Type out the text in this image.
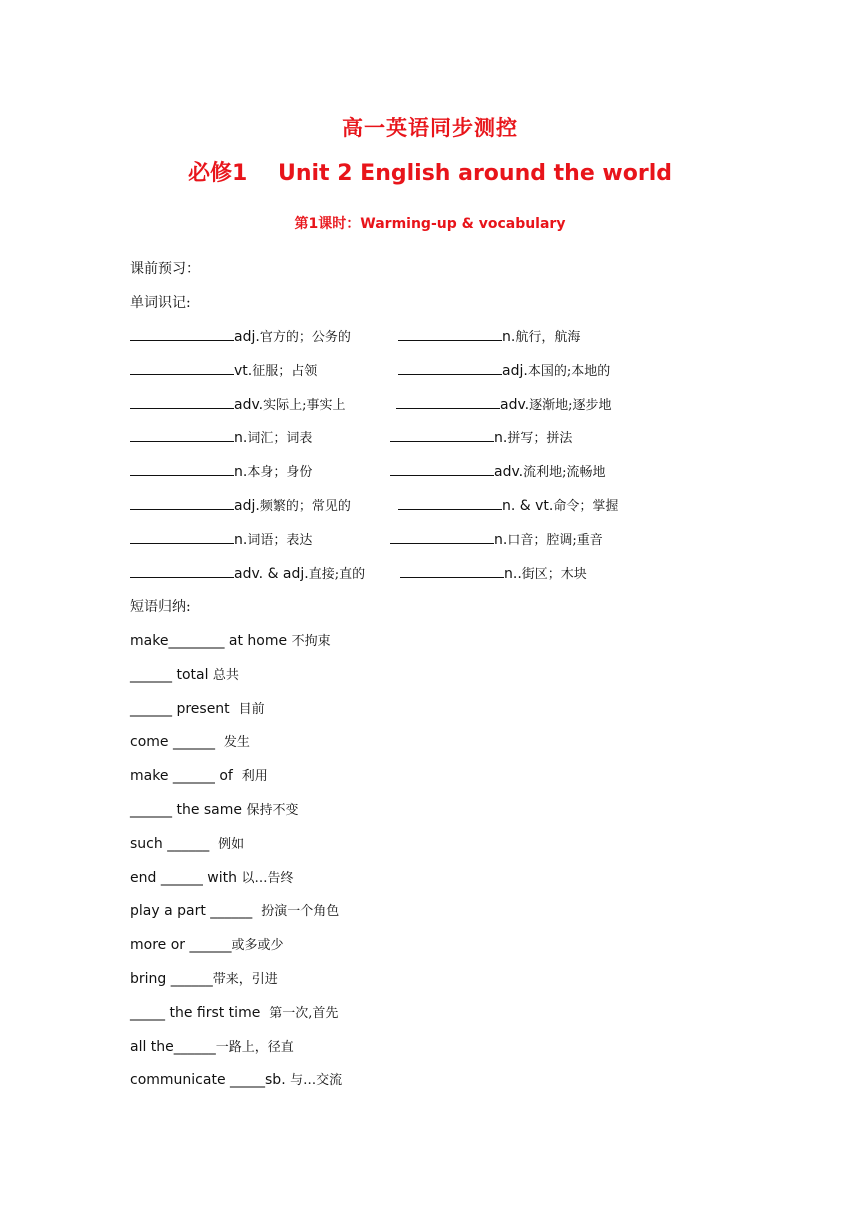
高一英语同步测控
必修1    Unit 2 English around the world
第1课时：Warming-up & vocabulary
课前预习：
单词识记:
adj.官方的；公务的	n.航行，航海
vt.征服；占领	adj.本国的;本地的
adv.实际上;事实上	adv.逐渐地;逐步地
n.词汇；词表	n.拼写；拼法
n.本身；身份	adv.流利地;流畅地
adj.频繁的；常见的	n. & vt.命令；掌握
n.词语；表达	n.口音；腔调;重音
adv. & adj.直接;直的	n..街区；木块
短语归纳:
make________ at home 不拘束
______ total 总共
______ present  目前
come ______ 发生
make ______ of  利用
______ the same 保持不变
such ______ 例如
end ______ with 以…告终
play a part ______ 扮演一个角色
more or ______或多或少
bring ______带来，引进
_____ the first time  第一次,首先
all the______一路上，径直
communicate _____sb. 与…交流
